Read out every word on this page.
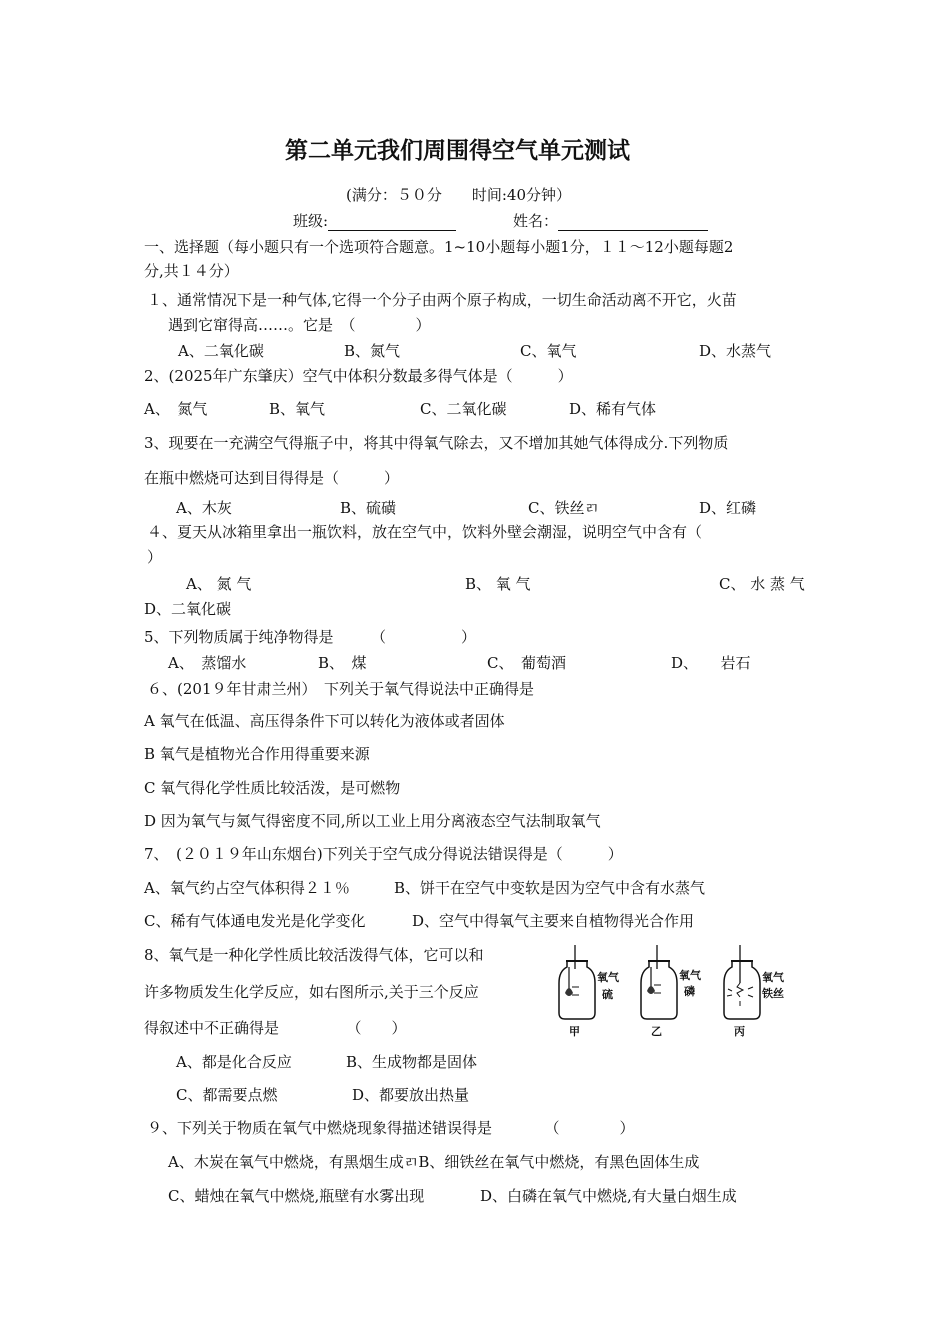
第二单元我们周围得空气单元测试
(满分：５０分　　时间:40分钟）
班级:	姓名：
一、选择题（每小题只有一个选项符合题意。1~10小题每小题1分，１１～12小题每题2
分,共１４分）
１、通常情况下是一种气体,它得一个分子由两个原子构成，一切生命活动离不开它，火苗
遇到它窜得高……。它是　（　　　　）
A、二氧化碳	B、氮气	C、氧气	D、水蒸气
2、(2025年广东肇庆）空气中体积分数最多得气体是（　　　）
A、　氮气	B、氧气	C、二氧化碳	D、稀有气体
3、现要在一充满空气得瓶子中，将其中得氧气除去，又不增加其她气体得成分.下列物质
在瓶中燃烧可达到目得得是（　　　）
A、木灰	B、硫磺	C、铁丝ﾪ	D、红磷
４、夏天从冰箱里拿出一瓶饮料，放在空气中，饮料外壁会潮湿，说明空气中含有（
）
A、 氮 气	B、 氧 气	C、 水 蒸 气
D、二氧化碳
5、下列物质属于纯净物得是　　　（　　　　　）
A、　蒸馏水	B、　煤	C、　葡萄酒	D、　　岩石
６、(201９年甘肃兰州）　下列关于氧气得说法中正确得是
A 氧气在低温、高压得条件下可以转化为液体或者固体
B 氧气是植物光合作用得重要来源
C 氧气得化学性质比较活泼，是可燃物
D 因为氧气与氮气得密度不同,所以工业上用分离液态空气法制取氧气
7、　(２０１９年山东烟台)下列关于空气成分得说法错误得是（　　　）
A、氧气约占空气体积得２１％	B、饼干在空气中变软是因为空气中含有水蒸气
C、稀有气体通电发光是化学变化	D、空气中得氧气主要来自植物得光合作用
8、氧气是一种化学性质比较活泼得气体，它可以和
许多物质发生化学反应，如右图所示,关于三个反应
得叙述中不正确得是　　　　　（　　）
A、都是化合反应	B、生成物都是固体
C、都需要点燃	D、都要放出热量
氧气
硫
甲
氧气
磷
乙
氧气
铁丝
丙
９、下列关于物质在氧气中燃烧现象得描述错误得是　　　　（　　　　）
A、木炭在氧气中燃烧，有黑烟生成ﾪB、细铁丝在氧气中燃烧，有黑色固体生成
C、蜡烛在氧气中燃烧,瓶壁有水雾出现	D、白磷在氧气中燃烧,有大量白烟生成
